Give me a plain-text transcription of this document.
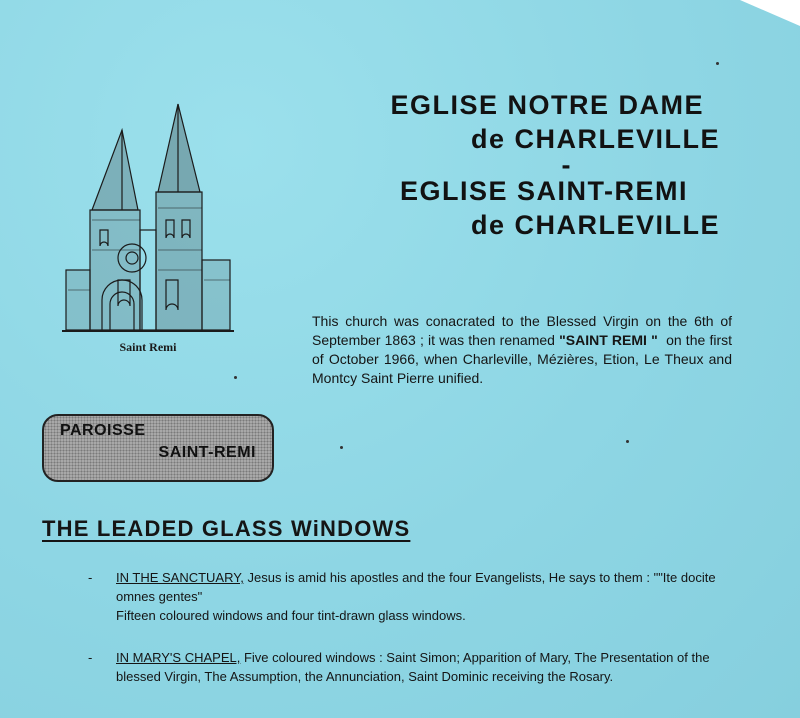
EGLISE NOTRE DAME
de CHARLEVILLE
-
EGLISE SAINT-REMI
de CHARLEVILLE
Saint Remi
This church was conacrated to the Blessed Virgin on the 6th of September 1863 ; it was then renamed "SAINT REMI "  on the first of October 1966, when Charleville, Mézières, Etion, Le Theux and Montcy Saint Pierre unified.
PAROISSE
SAINT-REMI
THE LEADED GLASS WiNDOWS
- IN THE SANCTUARY, Jesus is amid his apostles and the four Evangelists, He says to them : ""Ite docite omnes gentes"
Fifteen coloured windows and four tint-drawn glass windows.
- IN MARY'S CHAPEL, Five coloured windows : Saint Simon; Apparition of Mary, The Presentation of the blessed Virgin, The Assumption, the Annunciation, Saint Dominic receiving the Rosary.
